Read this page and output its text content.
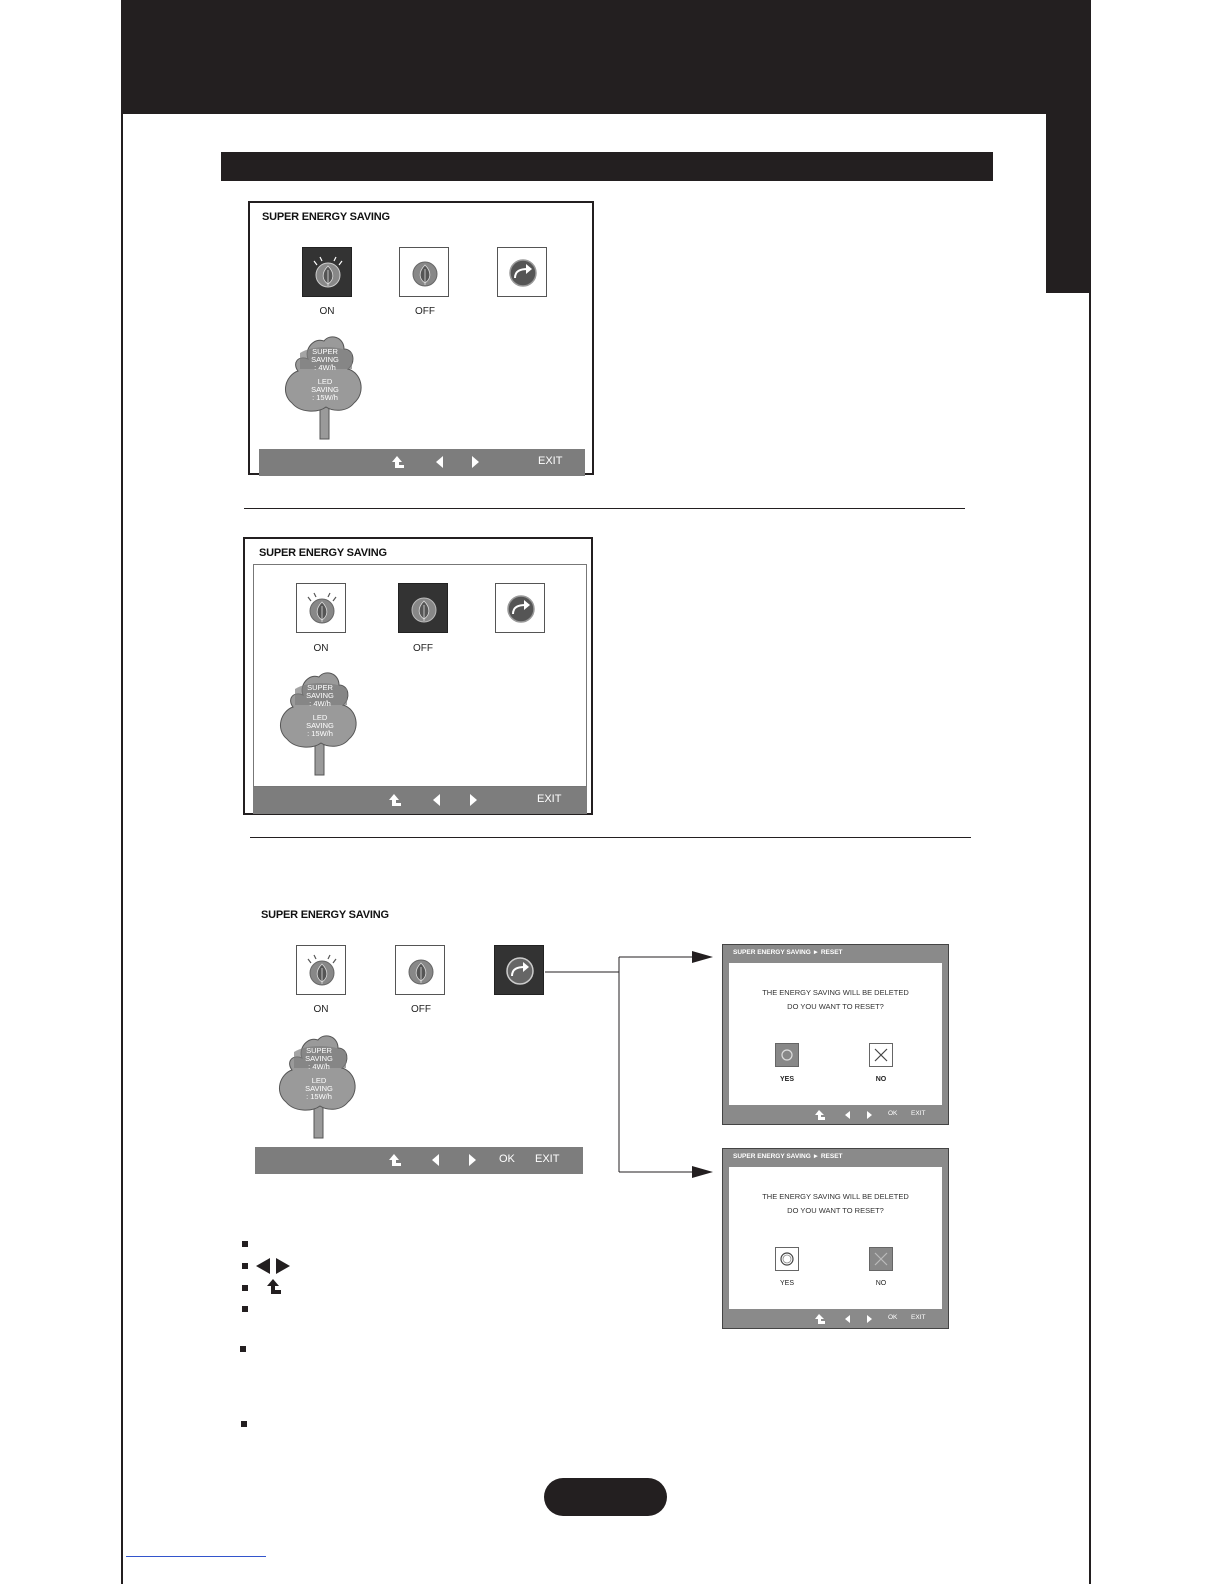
SUPER ENERGY SAVING
ON	OFF
SUPER
SAVING
: 4W/h
LED
SAVING
: 15W/h
EXIT
SUPER ENERGY SAVING
ON	OFF
SUPER
SAVING
: 4W/h
LED
SAVING
: 15W/h
EXIT
SUPER ENERGY SAVING
ON	OFF
SUPER
SAVING
: 4W/h
LED
SAVING
: 15W/h
OK EXIT
SUPER ENERGY SAVING ► RESET
THE ENERGY SAVING WILL BE DELETED
DO YOU WANT TO RESET?
YES	NO
OK EXIT
SUPER ENERGY SAVING ► RESET
THE ENERGY SAVING WILL BE DELETED
DO YOU WANT TO RESET?
YES	NO
OK EXIT
